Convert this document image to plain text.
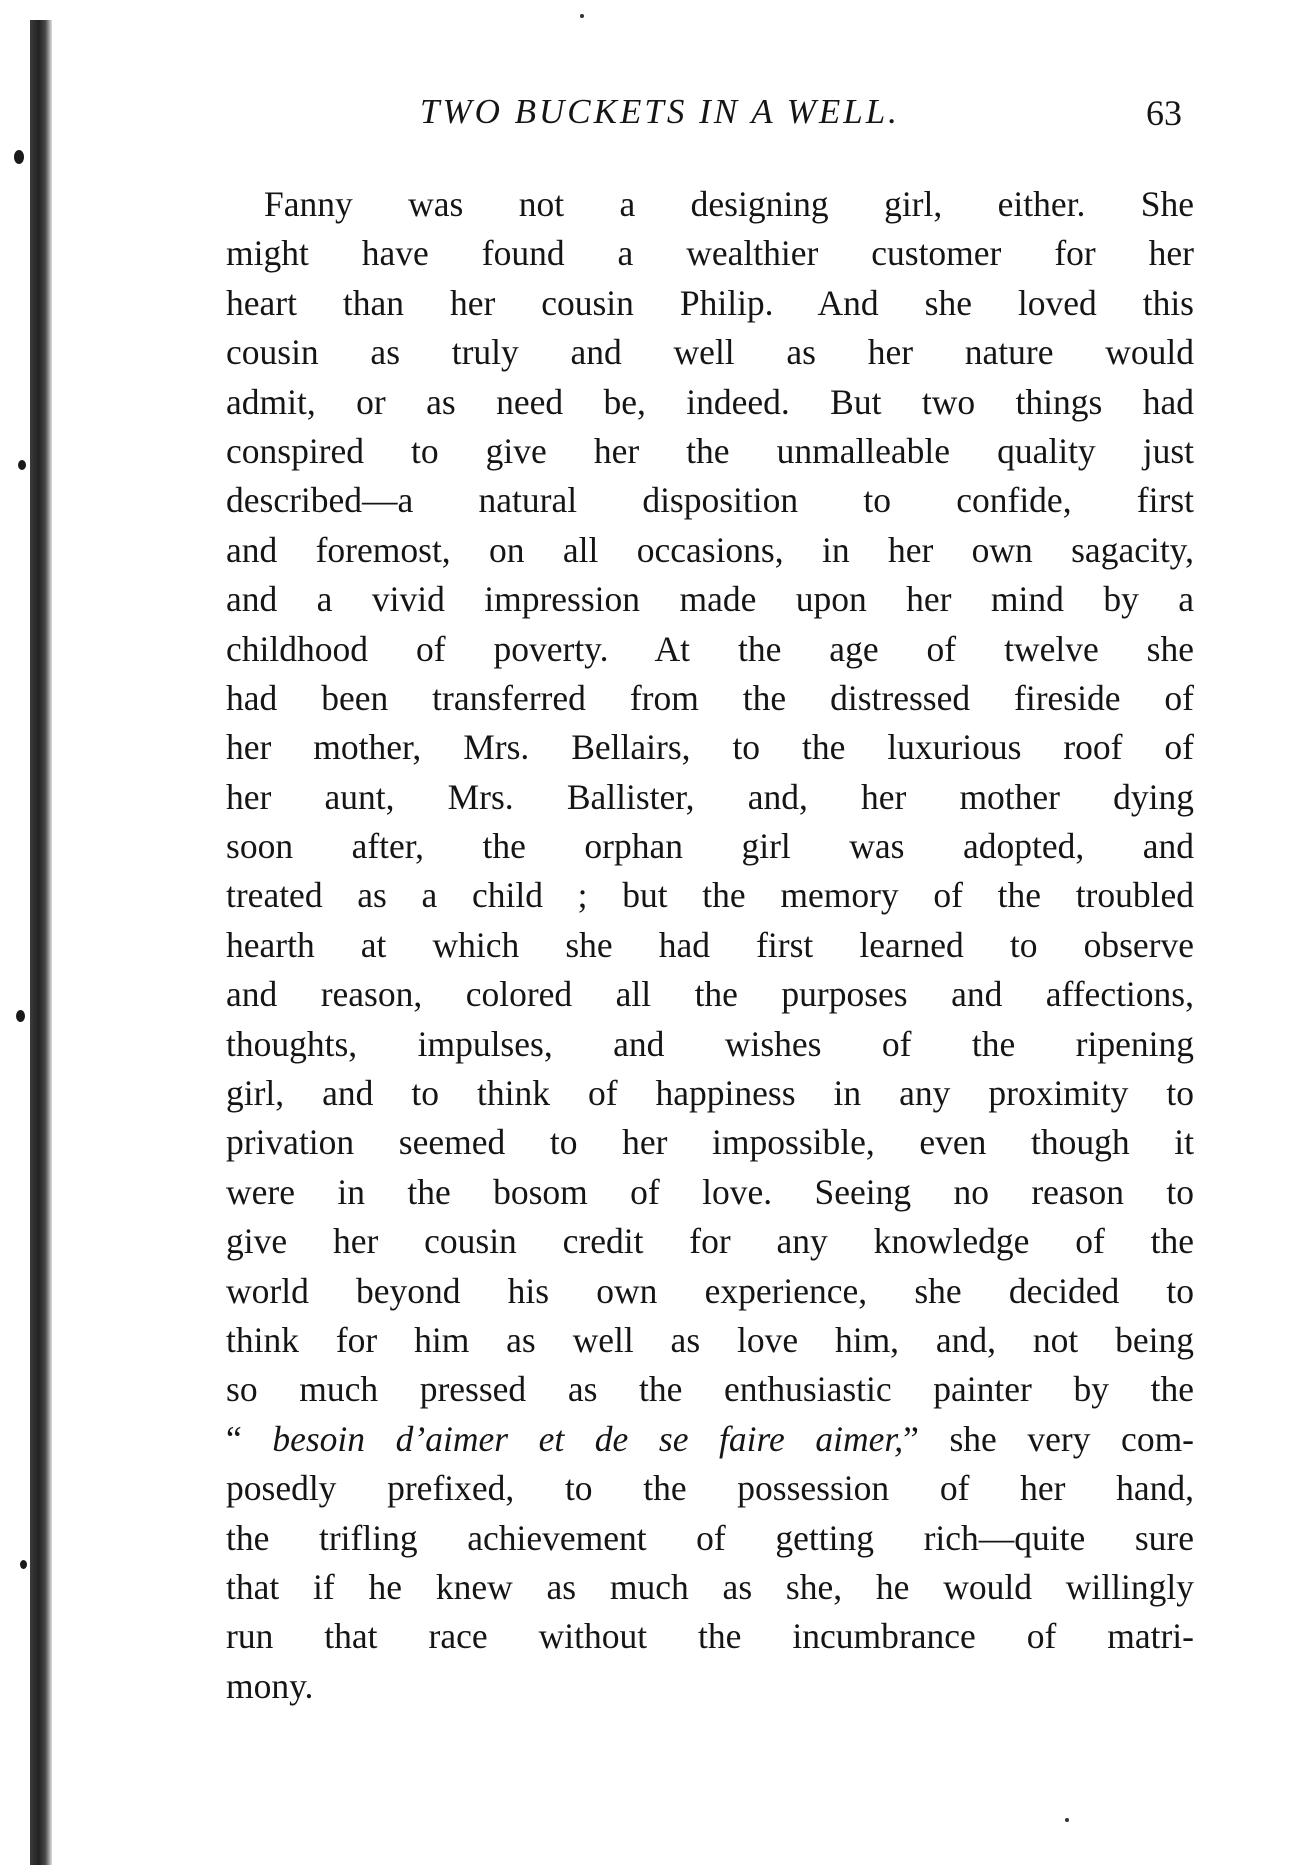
TWO BUCKETS IN A WELL.	63
Fanny was not a designing girl, either. She
might have found a wealthier customer for her
heart than her cousin Philip. And she loved this
cousin as truly and well as her nature would
admit, or as need be, indeed. But two things had
conspired to give her the unmalleable quality just
described—a natural disposition to confide, first
and foremost, on all occasions, in her own sagacity,
and a vivid impression made upon her mind by a
childhood of poverty. At the age of twelve she
had been transferred from the distressed fireside of
her mother, Mrs. Bellairs, to the luxurious roof of
her aunt, Mrs. Ballister, and, her mother dying
soon after, the orphan girl was adopted, and
treated as a child ; but the memory of the troubled
hearth at which she had first learned to observe
and reason, colored all the purposes and affections,
thoughts, impulses, and wishes of the ripening
girl, and to think of happiness in any proximity to
privation seemed to her impossible, even though it
were in the bosom of love. Seeing no reason to
give her cousin credit for any knowledge of the
world beyond his own experience, she decided to
think for him as well as love him, and, not being
so much pressed as the enthusiastic painter by the
“ besoin d’aimer et de se faire aimer,” she very com-
posedly prefixed, to the possession of her hand,
the trifling achievement of getting rich—quite sure
that if he knew as much as she, he would willingly
run that race without the incumbrance of matri-
mony.
